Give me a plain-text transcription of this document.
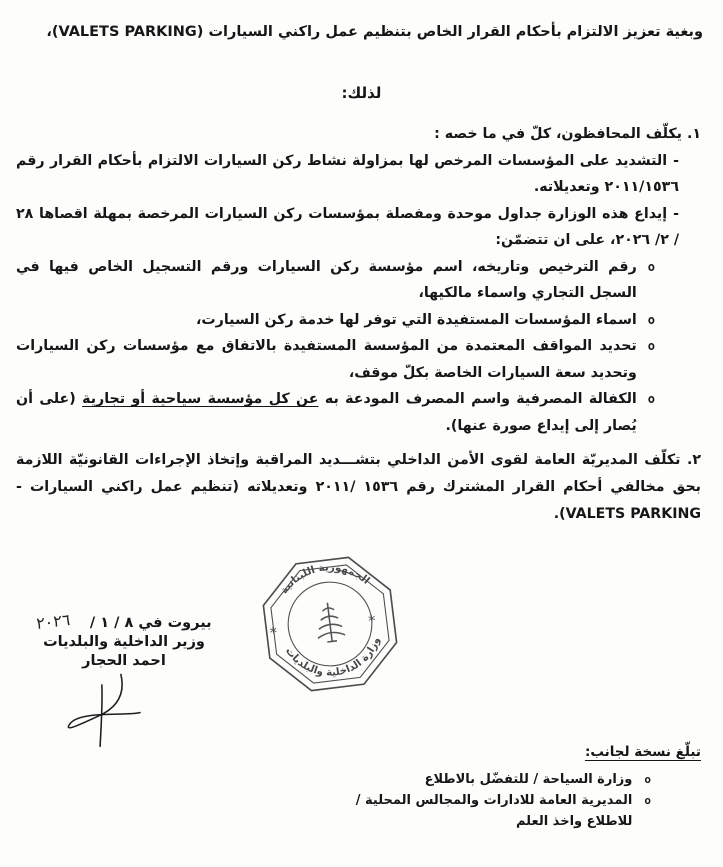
وبغية تعزيز الالتزام بأحكام القرار الخاص بتنظيم عمل راكني السيارات (VALETS PARKING)،
لذلك:
١. يكلّف المحافظون، كلّ في ما خصه :
-التشديد على المؤسسات المرخص لها بمزاولة نشاط ركن السيارات الالتزام بأحكام القرار رقم ٢٠١١/١٥٣٦ وتعديلاته.
-إيداع هذه الوزارة جداول موحدة ومفصلة بمؤسسات ركن السيارات المرخصة بمهلة اقصاها ٢٨ / ٢/ ٢٠٢٦، على ان تتضمّن:
o
رقم الترخيص وتاريخه، اسم مؤسسة ركن السيارات ورقم التسجيل الخاص فيها في السجل التجاري واسماء مالكيها،
o
اسماء المؤسسات المستفيدة التي توفر لها خدمة ركن السيارت،
o
تحديد المواقف المعتمدة من المؤسسة المستفيدة بالاتفاق مع مؤسسات ركن السيارات وتحديد سعة السيارات الخاصة بكلّ موقف،
o
الكفالة المصرفية واسم المصرف المودعة به عن كل مؤسسة سياحية أو تجارية (على أن يُصار إلى إيداع صورة عنها).
٢. تكلّف المديريّة العامة لقوى الأمن الداخلي بتشـــديد المراقبة وإتخاذ الإجراءات القانونيّة اللازمة بحق مخالفي أحكام القرار المشترك رقم ١٥٣٦ /٢٠١١ وتعديلاته (تنظيم عمل راكني السيارات -VALETS PARKING).
الجمهورية اللبنانية
وزارة الداخلية والبلديات
*
*
بيروت في ٨ / ١ / ٢٠٢٦
وزير الداخلية والبلديات
احمد الحجار
تبلّغ نسخة لجانب:
o
وزارة السياحة / للتفضّل بالاطلاع
o
المديرية العامة للادارات والمجالس المحلية / للاطلاع واخذ العلم
